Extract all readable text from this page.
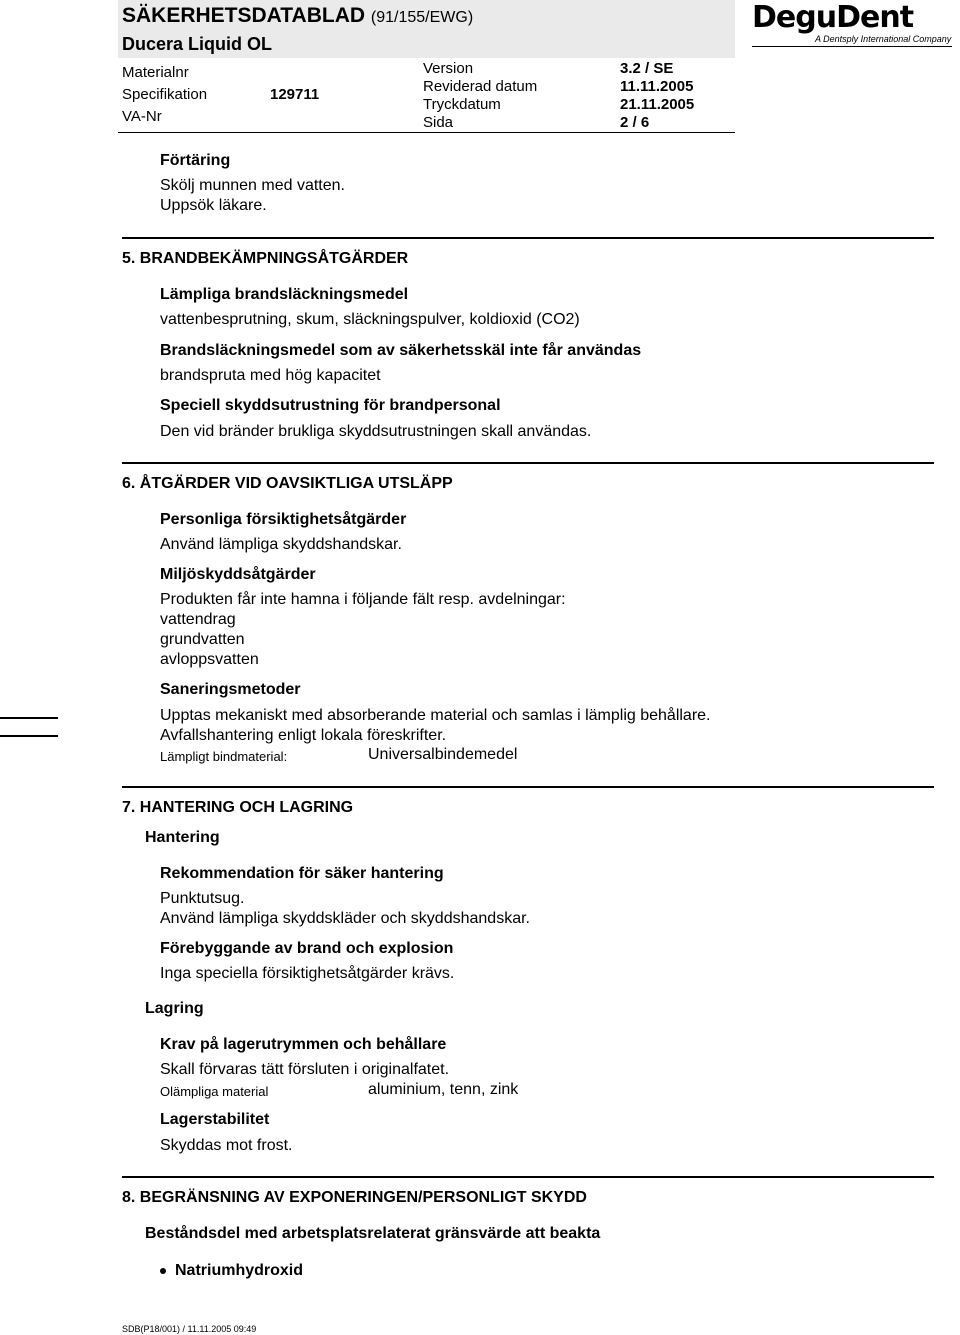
SÄKERHETSDATABLAD (91/155/EWG)
Ducera Liquid OL
Materialnr
Specifikation	129711
VA-Nr
Version	3.2 / SE
Reviderad datum	11.11.2005
Tryckdatum	21.11.2005
Sida	2 / 6
DeguDent
A Dentsply International Company
Förtäring
Skölj munnen med vatten.
Uppsök läkare.
5. BRANDBEKÄMPNINGSÅTGÄRDER
Lämpliga brandsläckningsmedel
vattenbesprutning, skum, släckningspulver, koldioxid (CO2)
Brandsläckningsmedel som av säkerhetsskäl inte får användas
brandspruta med hög kapacitet
Speciell skyddsutrustning för brandpersonal
Den vid bränder brukliga skyddsutrustningen skall användas.
6. ÅTGÄRDER VID OAVSIKTLIGA UTSLÄPP
Personliga försiktighetsåtgärder
Använd lämpliga skyddshandskar.
Miljöskyddsåtgärder
Produkten får inte hamna i följande fält resp. avdelningar:
vattendrag
grundvatten
avloppsvatten
Saneringsmetoder
Upptas mekaniskt med absorberande material och samlas i lämplig behållare.
Avfallshantering enligt lokala föreskrifter.
Lämpligt bindmaterial:	Universalbindemedel
7. HANTERING OCH LAGRING
Hantering
Rekommendation för säker hantering
Punktutsug.
Använd lämpliga skyddskläder och skyddshandskar.
Förebyggande av brand och explosion
Inga speciella försiktighetsåtgärder krävs.
Lagring
Krav på lagerutrymmen och behållare
Skall förvaras tätt försluten i originalfatet.
Olämpliga material	aluminium, tenn, zink
Lagerstabilitet
Skyddas mot frost.
8. BEGRÄNSNING AV EXPONERINGEN/PERSONLIGT SKYDD
Beståndsdel med arbetsplatsrelaterat gränsvärde att beakta
Natriumhydroxid
SDB(P18/001) / 11.11.2005 09:49
